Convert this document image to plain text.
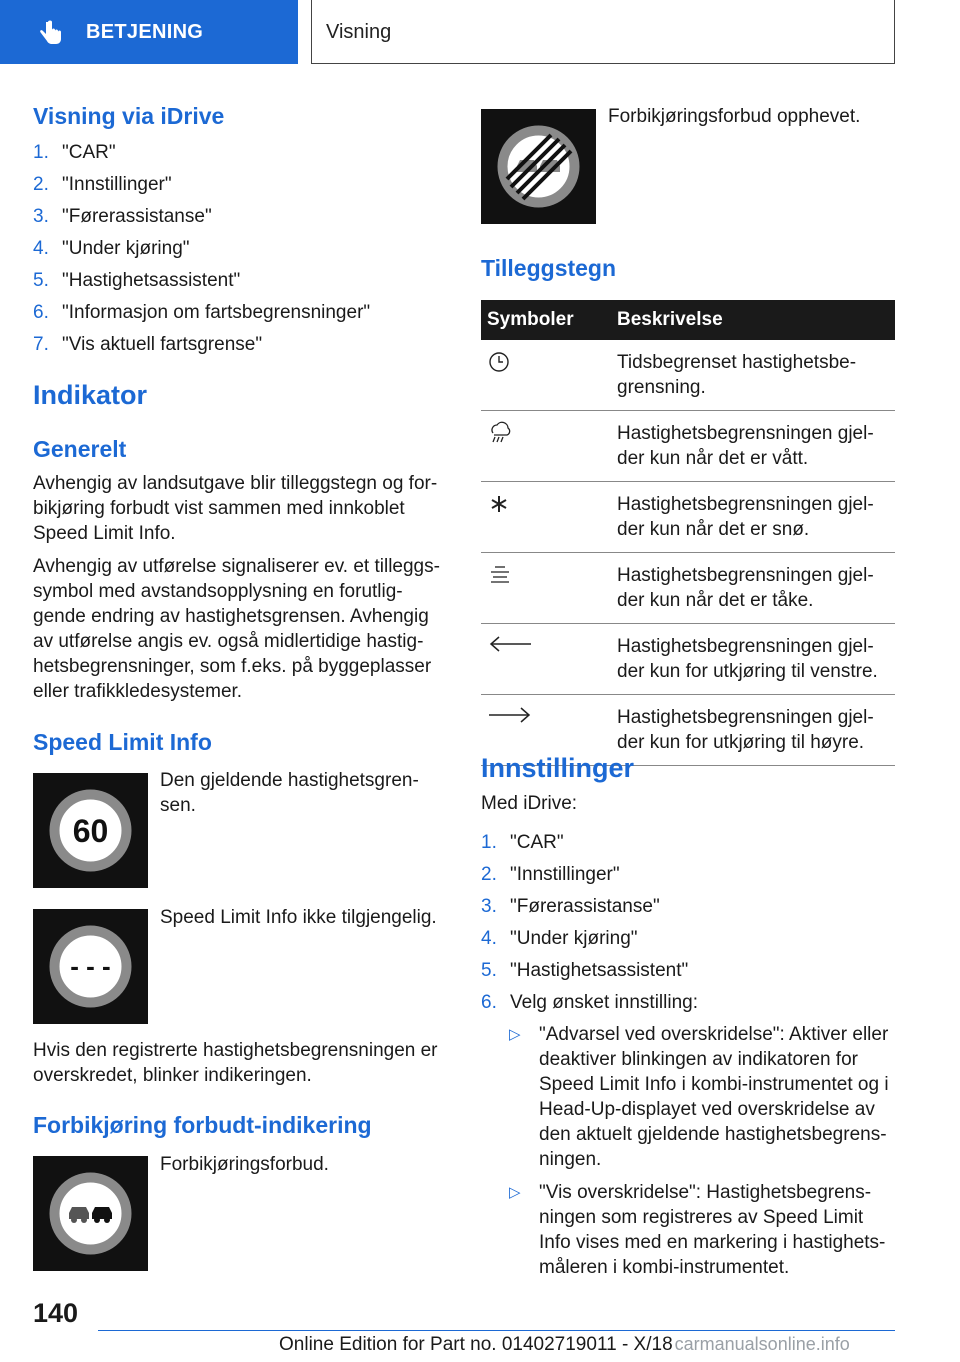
BETJENING	Visning
Visning via iDrive
1. "CAR"
2. "Innstillinger"
3. "Førerassistanse"
4. "Under kjøring"
5. "Hastighetsassistent"
6. "Informasjon om fartsbegrensninger"
7. "Vis aktuell fartsgrense"
Indikator
Generelt
Avhengig av landsutgave blir tilleggstegn og for-bikjøring forbudt vist sammen med innkoblet Speed Limit Info.
Avhengig av utførelse signaliserer ev. et tilleggs-symbol med avstandsopplysning en forutlig-gende endring av hastighetsgrensen. Avhengig av utførelse angis ev. også midlertidige hastig-hetsbegrensninger, som f.eks. på byggeplasser eller trafikkledesystemer.
Speed Limit Info
60
Den gjeldende hastighetsgren-sen.
- - -
Speed Limit Info ikke tilgjengelig.
Hvis den registrerte hastighetsbegrensningen er overskredet, blinker indikeringen.
Forbikjøring forbudt-indikering
Forbikjøringsforbud.
Forbikjøringsforbud opphevet.
Tilleggstegn
Symboler	Beskrivelse
	Tidsbegrenset hastighetsbe-grensning.
	Hastighetsbegrensningen gjel-der kun når det er vått.
	Hastighetsbegrensningen gjel-der kun når det er snø.
	Hastighetsbegrensningen gjel-der kun når det er tåke.
	Hastighetsbegrensningen gjel-der kun for utkjøring til venstre.
	Hastighetsbegrensningen gjel-der kun for utkjøring til høyre.
Innstillinger
Med iDrive:
1. "CAR"
2. "Innstillinger"
3. "Førerassistanse"
4. "Under kjøring"
5. "Hastighetsassistent"
6. Velg ønsket innstilling:
▷ "Advarsel ved overskridelse": Aktiver eller deaktiver blinkingen av indikatoren for Speed Limit Info i kombi-instrumentet og i Head-Up-displayet ved overskridelse av den aktuelt gjeldende hastighetsbegrens-ningen.
▷ "Vis overskridelse": Hastighetsbegrens-ningen som registreres av Speed Limit Info vises med en markering i hastighets-måleren i kombi-instrumentet.
140
Online Edition for Part no. 01402719011 - X/18 carmanualsonline.info
